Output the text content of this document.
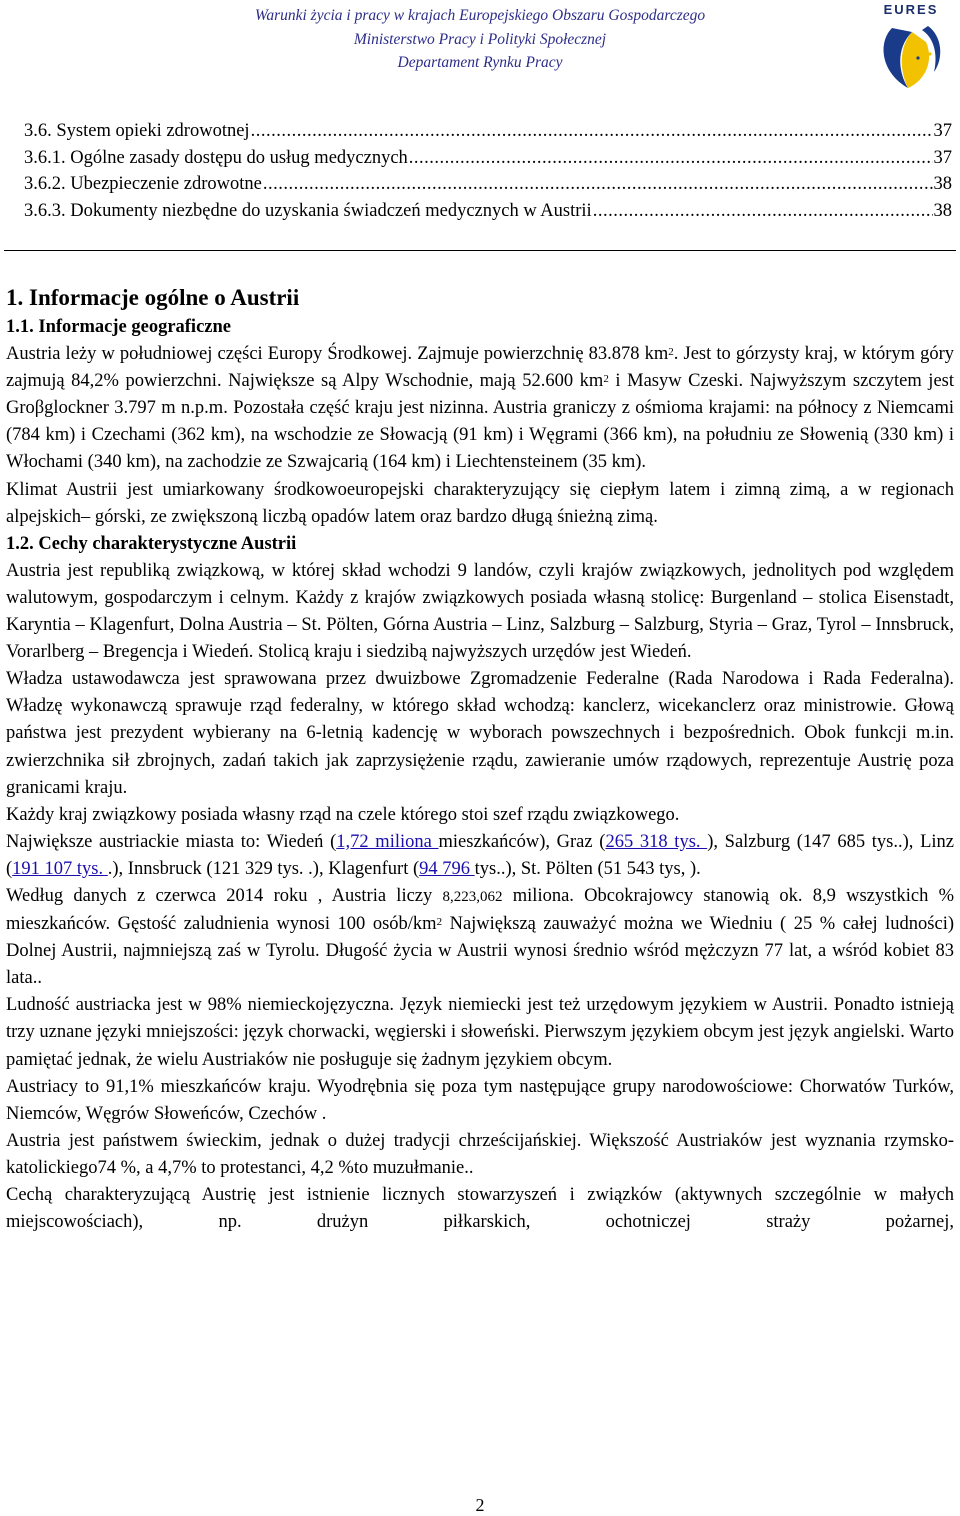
Warunki życia i pracy w krajach Europejskiego Obszaru Gospodarczego
Ministerstwo Pracy i Polityki Społecznej
Departament Rynku Pracy
EURES
3.6. System opieki zdrowotnej .....	37
3.6.1. Ogólne zasady dostępu do usług medycznych .....	37
3.6.2. Ubezpieczenie zdrowotne .....	38
3.6.3. Dokumenty niezbędne do uzyskania świadczeń medycznych w Austrii .....	38
1. Informacje ogólne o Austrii
1.1. Informacje geograficzne

Austria leży w południowej części Europy Środkowej. Zajmuje powierzchnię 83.878 $km^2$. Jest to górzysty kraj, w którym góry zajmują 84,2% powierzchni. Największe są Alpy Wschodnie, mają 52.600 $km^2$ i Masyw Czeski. Najwyższym szczytem jest Groβglockner 3.797 m n.p.m. Pozostała część kraju jest nizinna. Austria graniczy z ośmioma krajami: na północy z Niemcami (784 km) i Czechami (362 km), na wschodzie ze Słowacją (91 km) i Węgrami (366 km), na południu ze Słowenią (330 km) i Włochami (340 km), na zachodzie ze Szwajcarią (164 km) i Liechtensteinem (35 km).

Klimat Austrii jest umiarkowany środkowoeuropejski charakteryzujący się ciepłym latem i zimną zimą, a w regionach alpejskich– górski, ze zwiększoną liczbą opadów latem oraz bardzo długą śnieżną zimą.

1.2. Cechy charakterystyczne Austrii

Austria jest republiką związkową, w której skład wchodzi 9 landów, czyli krajów związkowych, jednolitych pod względem walutowym, gospodarczym i celnym. Każdy z krajów związkowych posiada własną stolicę: Burgenland – stolica Eisenstadt, Karyntia – Klagenfurt, Dolna Austria – St. Pölten, Górna Austria – Linz, Salzburg – Salzburg, Styria – Graz, Tyrol – Innsbruck, Vorarlberg – Bregencja i Wiedeń. Stolicą kraju i siedzibą najwyższych urzędów jest Wiedeń.

Władza ustawodawcza jest sprawowana przez dwuizbowe Zgromadzenie Federalne (Rada Narodowa i Rada Federalna). Władzę wykonawczą sprawuje rząd federalny, w którego skład wchodzą: kanclerz, wicekanclerz oraz ministrowie. Głową państwa jest prezydent wybierany na 6-letnią kadencję w wyborach powszechnych i bezpośrednich. Obok funkcji m.in. zwierzchnika sił zbrojnych, zadań takich jak zaprzysiężenie rządu, zawieranie umów rządowych, reprezentuje Austrię poza granicami kraju.

Każdy kraj związkowy posiada własny rząd na czele którego stoi szef rządu związkowego.

Największe austriackie miasta to: Wiedeń (1,72 miliona mieszkańców), Graz (265 318 tys. ), Salzburg (147 685 tys..), Linz (191 107 tys. .), Innsbruck (121 329 tys. .), Klagenfurt (94 796 tys..), St. Pölten (51 543 tys, ).

Według danych z czerwca 2014 roku , Austria liczy 8,223,062 miliona. Obcokrajowcy stanowią ok. 8,9 wszystkich % mieszkańców. Gęstość zaludnienia wynosi 100 osób/$km^2$ Największą zauważyć można we Wiedniu ( 25 % całej ludności) Dolnej Austrii, najmniejszą zaś w Tyrolu. Długość życia w Austrii wynosi średnio wśród mężczyzn 77 lat, a wśród kobiet 83 lata..

Ludność austriacka jest w 98% niemieckojęzyczna. Język niemiecki jest też urzędowym językiem w Austrii. Ponadto istnieją trzy uznane języki mniejszości: język chorwacki, węgierski i słoweński. Pierwszym językiem obcym jest język angielski. Warto pamiętać jednak, że wielu Austriaków nie posługuje się żadnym językiem obcym.

Austriacy to 91,1% mieszkańców kraju. Wyodrębnia się poza tym następujące grupy narodowościowe: Chorwatów Turków, Niemców, Węgrów Słoweńców, Czechów .

Austria jest państwem świeckim, jednak o dużej tradycji chrześcijańskiej. Większość Austriaków jest wyznania rzymsko-katolickiego74 %, a 4,7% to protestanci, 4,2 %to muzułmanie..

Cechą charakteryzującą Austrię jest istnienie licznych stowarzyszeń i związków (aktywnych szczególnie w małych miejscowościach), np. drużyn piłkarskich, ochotniczej straży pożarnej,

2
